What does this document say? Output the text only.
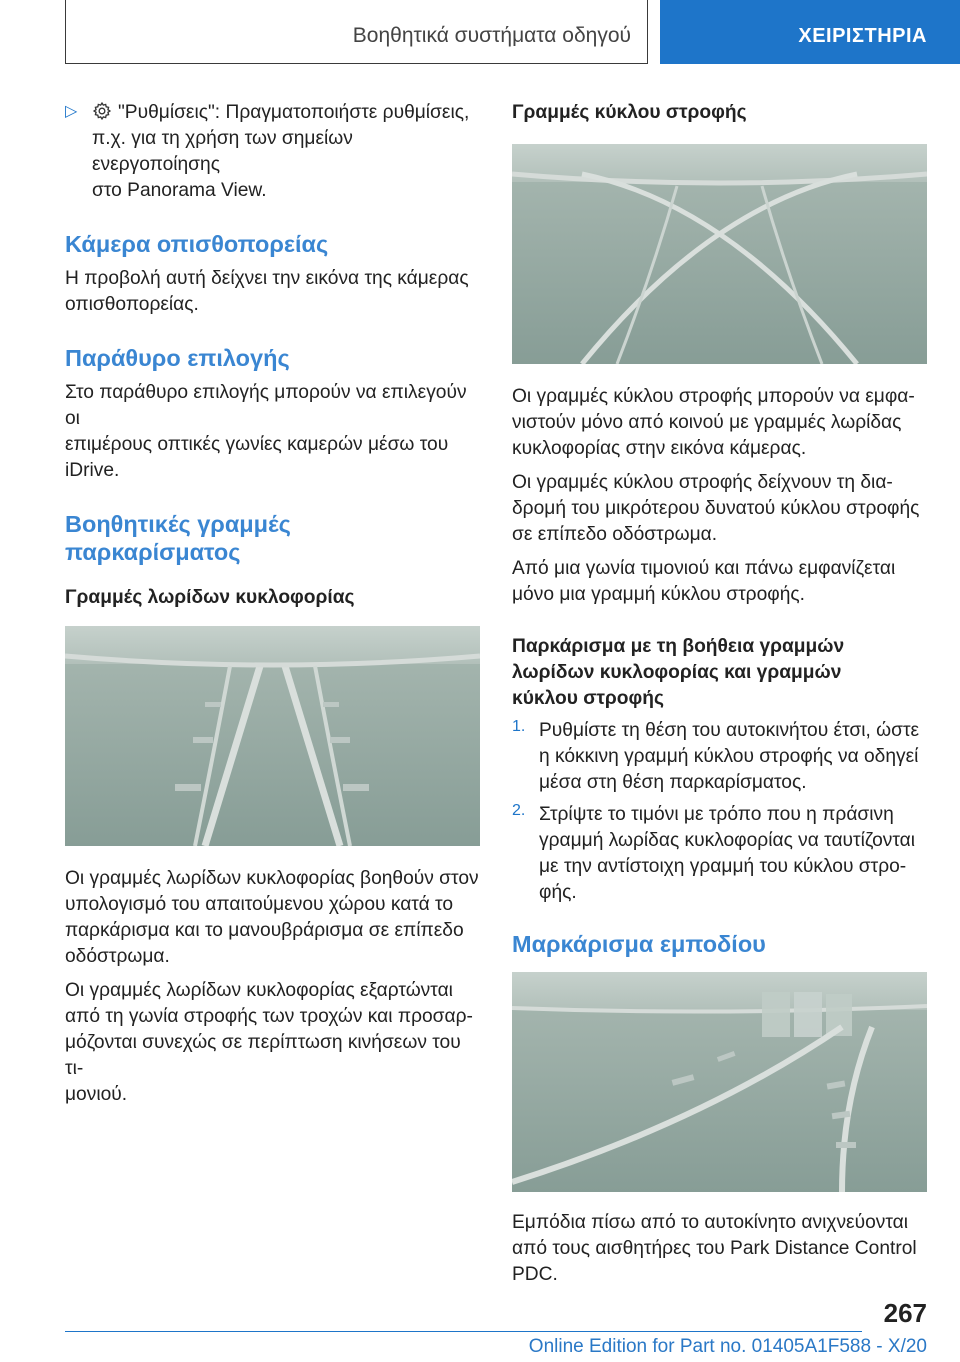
Βοηθητικά συστήματα οδηγού	ΧΕΙΡΙΣΤΗΡΙΑ
▷	"Ρυθμίσεις": Πραγματοποιήστε ρυθμίσεις,
π.χ. για τη χρήση των σημείων ενεργοποίησης
στο Panorama View.

Κάμερα οπισθοπορείας

Η προβολή αυτή δείχνει την εικόνα της κάμερας
οπισθοπορείας.

Παράθυρο επιλογής

Στο παράθυρο επιλογής μπορούν να επιλεγούν οι
επιμέρους οπτικές γωνίες καμερών μέσω του
iDrive.

Βοηθητικές γραμμές
παρκαρίσματος
Γραμμές λωρίδων κυκλοφορίας

Οι γραμμές λωρίδων κυκλοφορίας βοηθούν στον
υπολογισμό του απαιτούμενου χώρου κατά το
παρκάρισμα και το μανουβράρισμα σε επίπεδο
οδόστρωμα.

Οι γραμμές λωρίδων κυκλοφορίας εξαρτώνται
από τη γωνία στροφής των τροχών και προσαρ-
μόζονται συνεχώς σε περίπτωση κινήσεων του τι-
μονιού.

Γραμμές κύκλου στροφής

Οι γραμμές κύκλου στροφής μπορούν να εμφα-
νιστούν μόνο από κοινού με γραμμές λωρίδας
κυκλοφορίας στην εικόνα κάμερας.

Οι γραμμές κύκλου στροφής δείχνουν τη δια-
δρομή του μικρότερου δυνατού κύκλου στροφής
σε επίπεδο οδόστρωμα.

Από μια γωνία τιμονιού και πάνω εμφανίζεται
μόνο μια γραμμή κύκλου στροφής.

Παρκάρισμα με τη βοήθεια γραμμών
λωρίδων κυκλοφορίας και γραμμών
κύκλου στροφής
1. Ρυθμίστε τη θέση του αυτοκινήτου έτσι, ώστε
η κόκκινη γραμμή κύκλου στροφής να οδηγεί
μέσα στη θέση παρκαρίσματος.

2. Στρίψτε το τιμόνι με τρόπο που η πράσινη
γραμμή λωρίδας κυκλοφορίας να ταυτίζονται
με την αντίστοιχη γραμμή του κύκλου στρο-
φής.

Μαρκάρισμα εμποδίου

Εμπόδια πίσω από το αυτοκίνητο ανιχνεύονται
από τους αισθητήρες του Park Distance Control
PDC.

267
Online Edition for Part no. 01405A1F588 - X/20
